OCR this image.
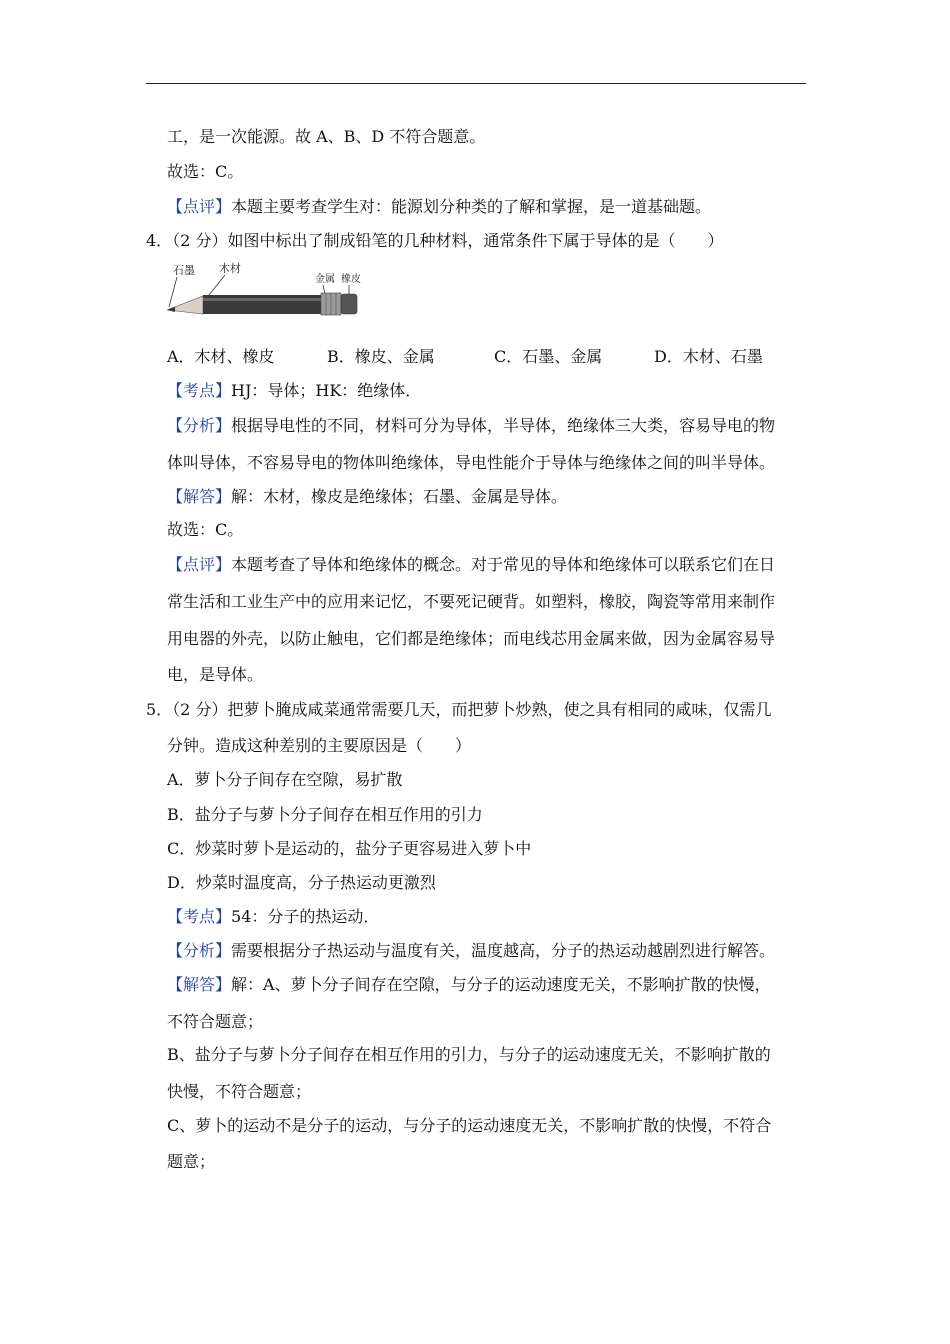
工，是一次能源。故 A、B、D 不符合题意。
故选：C。
【点评】本题主要考查学生对：能源划分种类的了解和掌握，是一道基础题。
4．（2 分）如图中标出了制成铅笔的几种材料，通常条件下属于导体的是（　　）
石墨 木材
金属 橡皮
A．木材、橡皮	B．橡皮、金属	C．石墨、金属	D．木材、石墨
【考点】HJ：导体；HK：绝缘体．
【分析】根据导电性的不同，材料可分为导体，半导体，绝缘体三大类，容易导电的物
体叫导体，不容易导电的物体叫绝缘体，导电性能介于导体与绝缘体之间的叫半导体。
【解答】解：木材，橡皮是绝缘体；石墨、金属是导体。
故选：C。
【点评】本题考查了导体和绝缘体的概念。对于常见的导体和绝缘体可以联系它们在日
常生活和工业生产中的应用来记忆，不要死记硬背。如塑料，橡胶，陶瓷等常用来制作
用电器的外壳，以防止触电，它们都是绝缘体；而电线芯用金属来做，因为金属容易导
电，是导体。
5．（2 分）把萝卜腌成咸菜通常需要几天，而把萝卜炒熟，使之具有相同的咸味，仅需几
分钟。造成这种差别的主要原因是（　　）
A．萝卜分子间存在空隙，易扩散
B．盐分子与萝卜分子间存在相互作用的引力
C．炒菜时萝卜是运动的，盐分子更容易进入萝卜中
D．炒菜时温度高，分子热运动更激烈
【考点】54：分子的热运动．
【分析】需要根据分子热运动与温度有关，温度越高，分子的热运动越剧烈进行解答。
【解答】解：A、萝卜分子间存在空隙，与分子的运动速度无关，不影响扩散的快慢，
不符合题意；
B、盐分子与萝卜分子间存在相互作用的引力，与分子的运动速度无关，不影响扩散的
快慢，不符合题意；
C、萝卜的运动不是分子的运动，与分子的运动速度无关，不影响扩散的快慢，不符合
题意；
